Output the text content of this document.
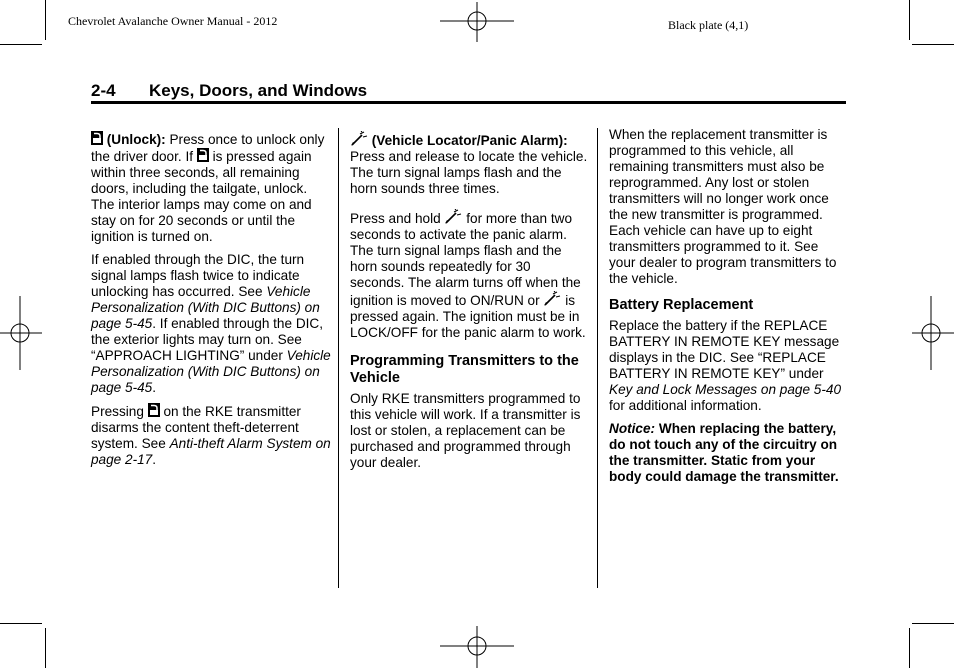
Chevrolet Avalanche Owner Manual - 2012	Black plate (4,1)
2-4 Keys, Doors, and Windows

(Unlock): Press once to unlock only the driver door. If is pressed again within three seconds, all remaining doors, including the tailgate, unlock. The interior lamps may come on and stay on for 20 seconds or until the ignition is turned on.

If enabled through the DIC, the turn signal lamps flash twice to indicate unlocking has occurred. See Vehicle Personalization (With DIC Buttons) on page 5-45. If enabled through the DIC, the exterior lights may turn on. See “APPROACH LIGHTING” under Vehicle Personalization (With DIC Buttons) on page 5-45.

Pressing on the RKE transmitter disarms the content theft-deterrent system. See Anti-theft Alarm System on page 2-17.

(Vehicle Locator/Panic Alarm): Press and release to locate the vehicle. The turn signal lamps flash and the horn sounds three times.

Press and hold for more than two seconds to activate the panic alarm. The turn signal lamps flash and the horn sounds repeatedly for 30 seconds. The alarm turns off when the ignition is moved to ON/RUN or is pressed again. The ignition must be in LOCK/OFF for the panic alarm to work.

Programming Transmitters to the Vehicle

Only RKE transmitters programmed to this vehicle will work. If a transmitter is lost or stolen, a replacement can be purchased and programmed through your dealer.

When the replacement transmitter is programmed to this vehicle, all remaining transmitters must also be reprogrammed. Any lost or stolen transmitters will no longer work once the new transmitter is programmed. Each vehicle can have up to eight transmitters programmed to it. See your dealer to program transmitters to the vehicle.

Battery Replacement

Replace the battery if the REPLACE BATTERY IN REMOTE KEY message displays in the DIC. See “REPLACE BATTERY IN REMOTE KEY” under Key and Lock Messages on page 5-40 for additional information.

Notice: When replacing the battery, do not touch any of the circuitry on the transmitter. Static from your body could damage the transmitter.
